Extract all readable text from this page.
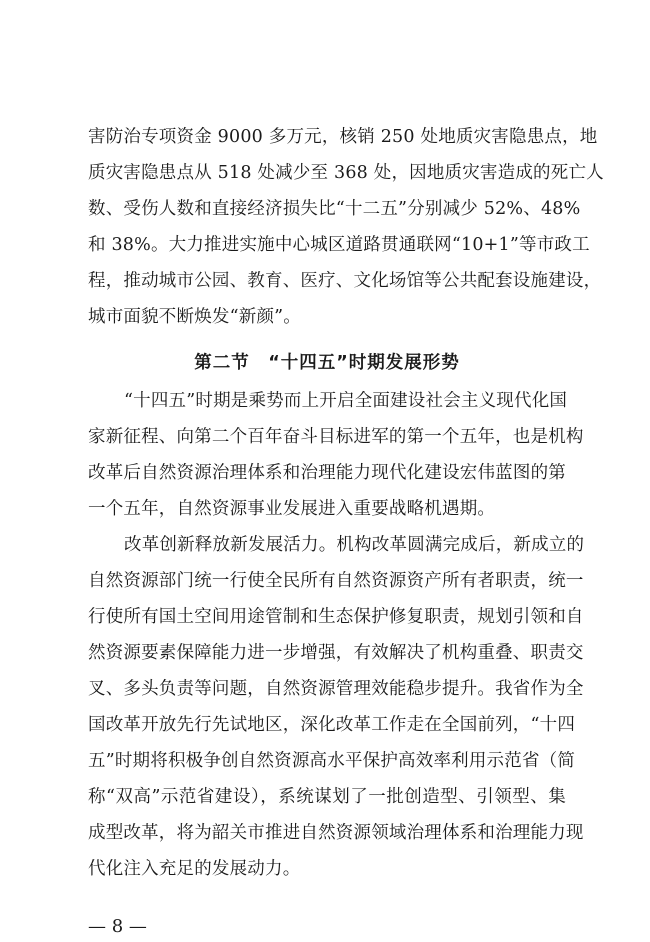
害防治专项资金 9000 多万元，核销 250 处地质灾害隐患点，地
质灾害隐患点从 518 处减少至 368 处，因地质灾害造成的死亡人
数、受伤人数和直接经济损失比“十二五”分别减少 52%、48%
和 38%。大力推进实施中心城区道路贯通联网“10+1”等市政工
程，推动城市公园、教育、医疗、文化场馆等公共配套设施建设，
城市面貌不断焕发“新颜”。
第二节　“十四五”时期发展形势
“十四五”时期是乘势而上开启全面建设社会主义现代化国
家新征程、向第二个百年奋斗目标进军的第一个五年，也是机构
改革后自然资源治理体系和治理能力现代化建设宏伟蓝图的第
一个五年，自然资源事业发展进入重要战略机遇期。
改革创新释放新发展活力。机构改革圆满完成后，新成立的
自然资源部门统一行使全民所有自然资源资产所有者职责，统一
行使所有国土空间用途管制和生态保护修复职责，规划引领和自
然资源要素保障能力进一步增强，有效解决了机构重叠、职责交
叉、多头负责等问题，自然资源管理效能稳步提升。我省作为全
国改革开放先行先试地区，深化改革工作走在全国前列，“十四
五”时期将积极争创自然资源高水平保护高效率利用示范省（简
称“双高”示范省建设），系统谋划了一批创造型、引领型、集
成型改革，将为韶关市推进自然资源领域治理体系和治理能力现
代化注入充足的发展动力。
— 8 —
